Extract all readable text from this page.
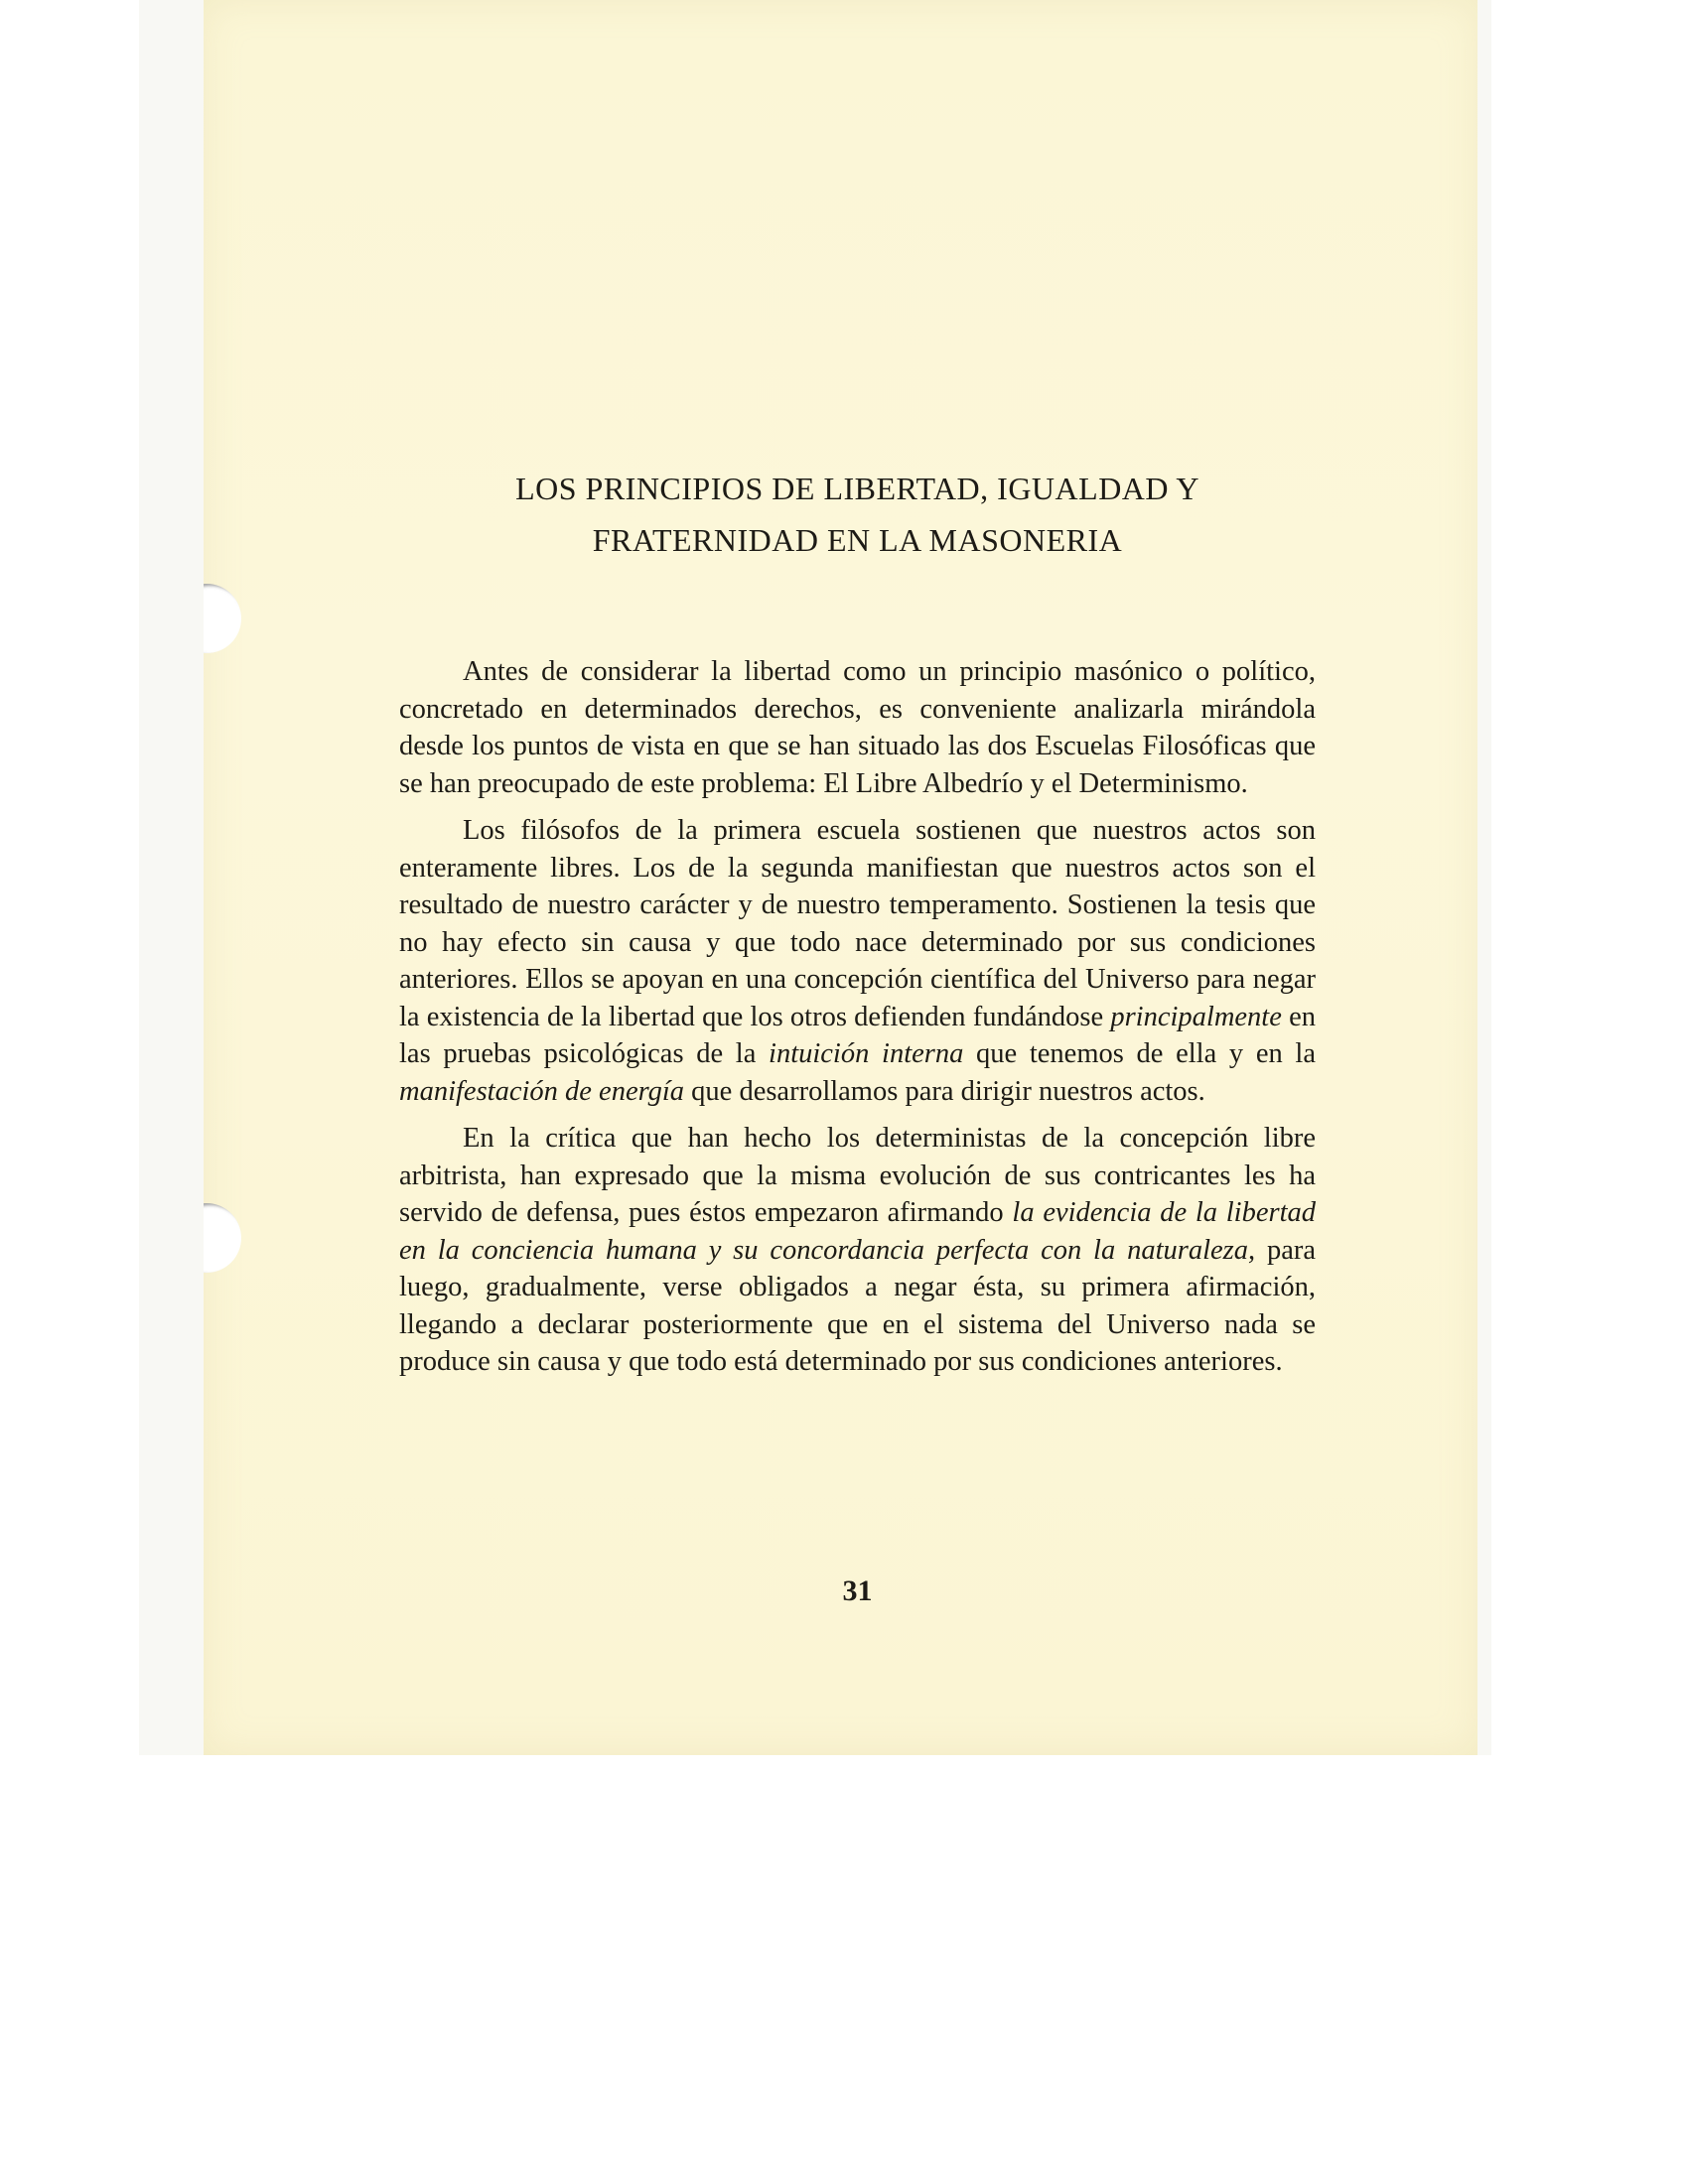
LOS PRINCIPIOS DE LIBERTAD, IGUALDAD Y
FRATERNIDAD EN LA MASONERIA

Antes de considerar la libertad como un principio masónico o político, concretado en determinados derechos, es conveniente analizarla mirándola desde los puntos de vista en que se han situado las dos Escuelas Filosóficas que se han preocupado de este problema: El Libre Albedrío y el Determinismo.

Los filósofos de la primera escuela sostienen que nuestros actos son enteramente libres. Los de la segunda manifiestan que nuestros actos son el resultado de nuestro carácter y de nuestro temperamento. Sostienen la tesis que no hay efecto sin causa y que todo nace determinado por sus condiciones anteriores. Ellos se apoyan en una concepción científica del Universo para negar la existencia de la libertad que los otros defienden fundándose principalmente en las pruebas psicológicas de la intuición interna que tenemos de ella y en la manifestación de energía que desarrollamos para dirigir nuestros actos.

En la crítica que han hecho los deterministas de la concepción libre arbitrista, han expresado que la misma evolución de sus contricantes les ha servido de defensa, pues éstos empezaron afirmando la evidencia de la libertad en la conciencia humana y su concordancia perfecta con la naturaleza, para luego, gradualmente, verse obligados a negar ésta, su primera afirmación, llegando a declarar posteriormente que en el sistema del Universo nada se produce sin causa y que todo está determinado por sus condiciones anteriores.

31
